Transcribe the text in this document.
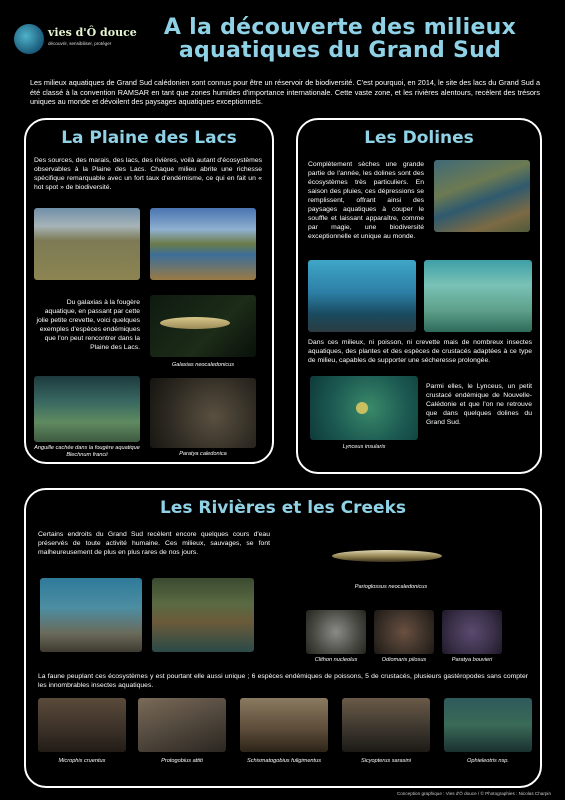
vies d'Ô douce
découvrir, sensibiliser, protéger
A la découverte des milieux
aquatiques du Grand Sud
Les milieux aquatiques de Grand Sud calédonien sont connus pour être un réservoir de biodiversité. C'est pourquoi, en 2014, le site des lacs du Grand Sud a été classé à la convention RAMSAR en tant que zones humides d'importance internationale. Cette vaste zone, et les rivières alentours, recèlent des trésors uniques au monde et dévoilent des paysages aquatiques exceptionnels.
La Plaine des Lacs
Des sources, des marais, des lacs, des rivières, voilà autant d'écosystèmes observables à la Plaine des Lacs. Chaque milieu abrite une richesse spécifique remarquable avec un fort taux d'endémisme, ce qui en fait un « hot spot » de biodiversité.
Du galaxias à la fougère aquatique, en passant par cette jolie petite crevette, voici quelques exemples d'espèces endémiques que l'on peut rencontrer dans la Plaine des Lacs.
Galaxias neocaledonicus
Anguille cachée dans la fougère aquatique Blechnum francii	Paratya caledonica
Les Dolines
Complètement sèches une grande partie de l'année, les dolines sont des écosystèmes très particuliers. En saison des pluies, ces dépressions se remplissent, offrant ainsi des paysages aquatiques à couper le souffle et laissant apparaître, comme par magie, une biodiversité exceptionnelle et unique au monde.
Dans ces milieux, ni poisson, ni crevette mais de nombreux insectes aquatiques, des plantes et des espèces de crustacés adaptées à ce type de milieu, capables de supporter une sécheresse prolongée.
Lynceus insularis
Parmi elles, le Lynceus, un petit crustacé endémique de Nouvelle-Calédonie et que l'on ne retrouve que dans quelques dolines du Grand Sud.
Les Rivières et les Creeks
Certains endroits du Grand Sud recèlent encore quelques cours d'eau préservés de toute activité humaine. Ces milieux, sauvages, se font malheureusement de plus en plus rares de nos jours.
Parioglossus neocaledonicus
Clithon nucleolus	Odiomaris pilosus	Paratya bouvieri
La faune peuplant ces écosystèmes y est pourtant elle aussi unique ; 6 espèces endémiques de poissons, 5 de crustacés, plusieurs gastéropodes sans compter les innombrables insectes aquatiques.
Microphis cruentus	Protogobius attiti	Schismatogobius fuligimentus	Sicyopterus sarasini	Ophieleotris nsp.
Conception graphique : Vies d'Ô douce / © Photographies : Nicolas Charpin
